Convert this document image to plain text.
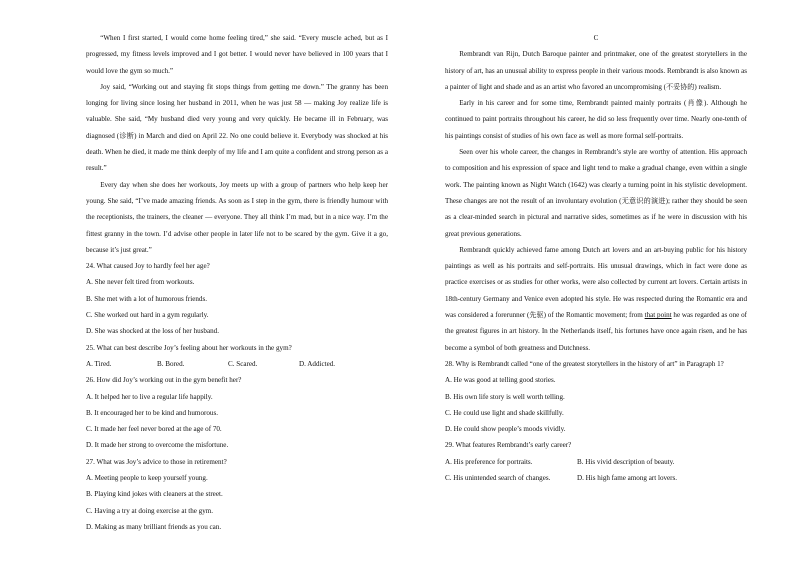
“When I first started, I would come home feeling tired,” she said. “Every muscle ached, but as I progressed, my fitness levels improved and I got better. I would never have believed in 100 years that I would love the gym so much.”

Joy said, “Working out and staying fit stops things from getting me down.” The granny has been longing for living since losing her husband in 2011, when he was just 58 — making Joy realize life is valuable. She said, “My husband died very young and very quickly. He became ill in February, was diagnosed (诊断) in March and died on April 22. No one could believe it. Everybody was shocked at his death. When he died, it made me think deeply of my life and I am quite a confident and strong person as a result.”

Every day when she does her workouts, Joy meets up with a group of partners who help keep her young. She said, “I’ve made amazing friends. As soon as I step in the gym, there is friendly humour with the receptionists, the trainers, the cleaner — everyone. They all think I’m mad, but in a nice way. I’m the fittest granny in the town. I’d advise other people in later life not to be scared by the gym. Give it a go, because it’s just great.”

24. What caused Joy to hardly feel her age?

A. She never felt tired from workouts.

B. She met with a lot of humorous friends.

C. She worked out hard in a gym regularly.

D. She was shocked at the loss of her husband.

25. What can best describe Joy’s feeling about her workouts in the gym?

A. Tired.	B. Bored.	C. Scared.	D. Addicted.

26. How did Joy’s working out in the gym benefit her?

A. It helped her to live a regular life happily.

B. It encouraged her to be kind and humorous.

C. It made her feel never bored at the age of 70.

D. It made her strong to overcome the misfortune.

27. What was Joy’s advice to those in retirement?

A. Meeting people to keep yourself young.

B. Playing kind jokes with cleaners at the street.

C. Having a try at doing exercise at the gym.

D. Making as many brilliant friends as you can.

C

Rembrandt van Rijn, Dutch Baroque painter and printmaker, one of the greatest storytellers in the history of art, has an unusual ability to express people in their various moods. Rembrandt is also known as a painter of light and shade and as an artist who favored an uncompromising (不妥协的) realism.

Early in his career and for some time, Rembrandt painted mainly portraits (肖像). Although he continued to paint portraits throughout his career, he did so less frequently over time. Nearly one-tenth of his paintings consist of studies of his own face as well as more formal self-portraits.

Seen over his whole career, the changes in Rembrandt’s style are worthy of attention. His approach to composition and his expression of space and light tend to make a gradual change, even within a single work. The painting known as Night Watch (1642) was clearly a turning point in his stylistic development. These changes are not the result of an involuntary evolution (无意识的演进); rather they should be seen as a clear-minded search in pictural and narrative sides, sometimes as if he were in discussion with his great previous generations.

Rembrandt quickly achieved fame among Dutch art lovers and an art-buying public for his history paintings as well as his portraits and self-portraits. His unusual drawings, which in fact were done as practice exercises or as studies for other works, were also collected by current art lovers. Certain artists in 18th-century Germany and Venice even adopted his style. He was respected during the Romantic era and was considered a forerunner (先驱) of the Romantic movement; from that point he was regarded as one of the greatest figures in art history. In the Netherlands itself, his fortunes have once again risen, and he has become a symbol of both greatness and Dutchness.

28. Why is Rembrandt called “one of the greatest storytellers in the history of art” in Paragraph 1?

A. He was good at telling good stories.

B. His own life story is well worth telling.

C. He could use light and shade skillfully.

D. He could show people’s moods vividly.

29. What features Rembrandt’s early career?

A. His preference for portraits.	B. His vivid description of beauty.
C. His unintended search of changes.	D. His high fame among art lovers.
